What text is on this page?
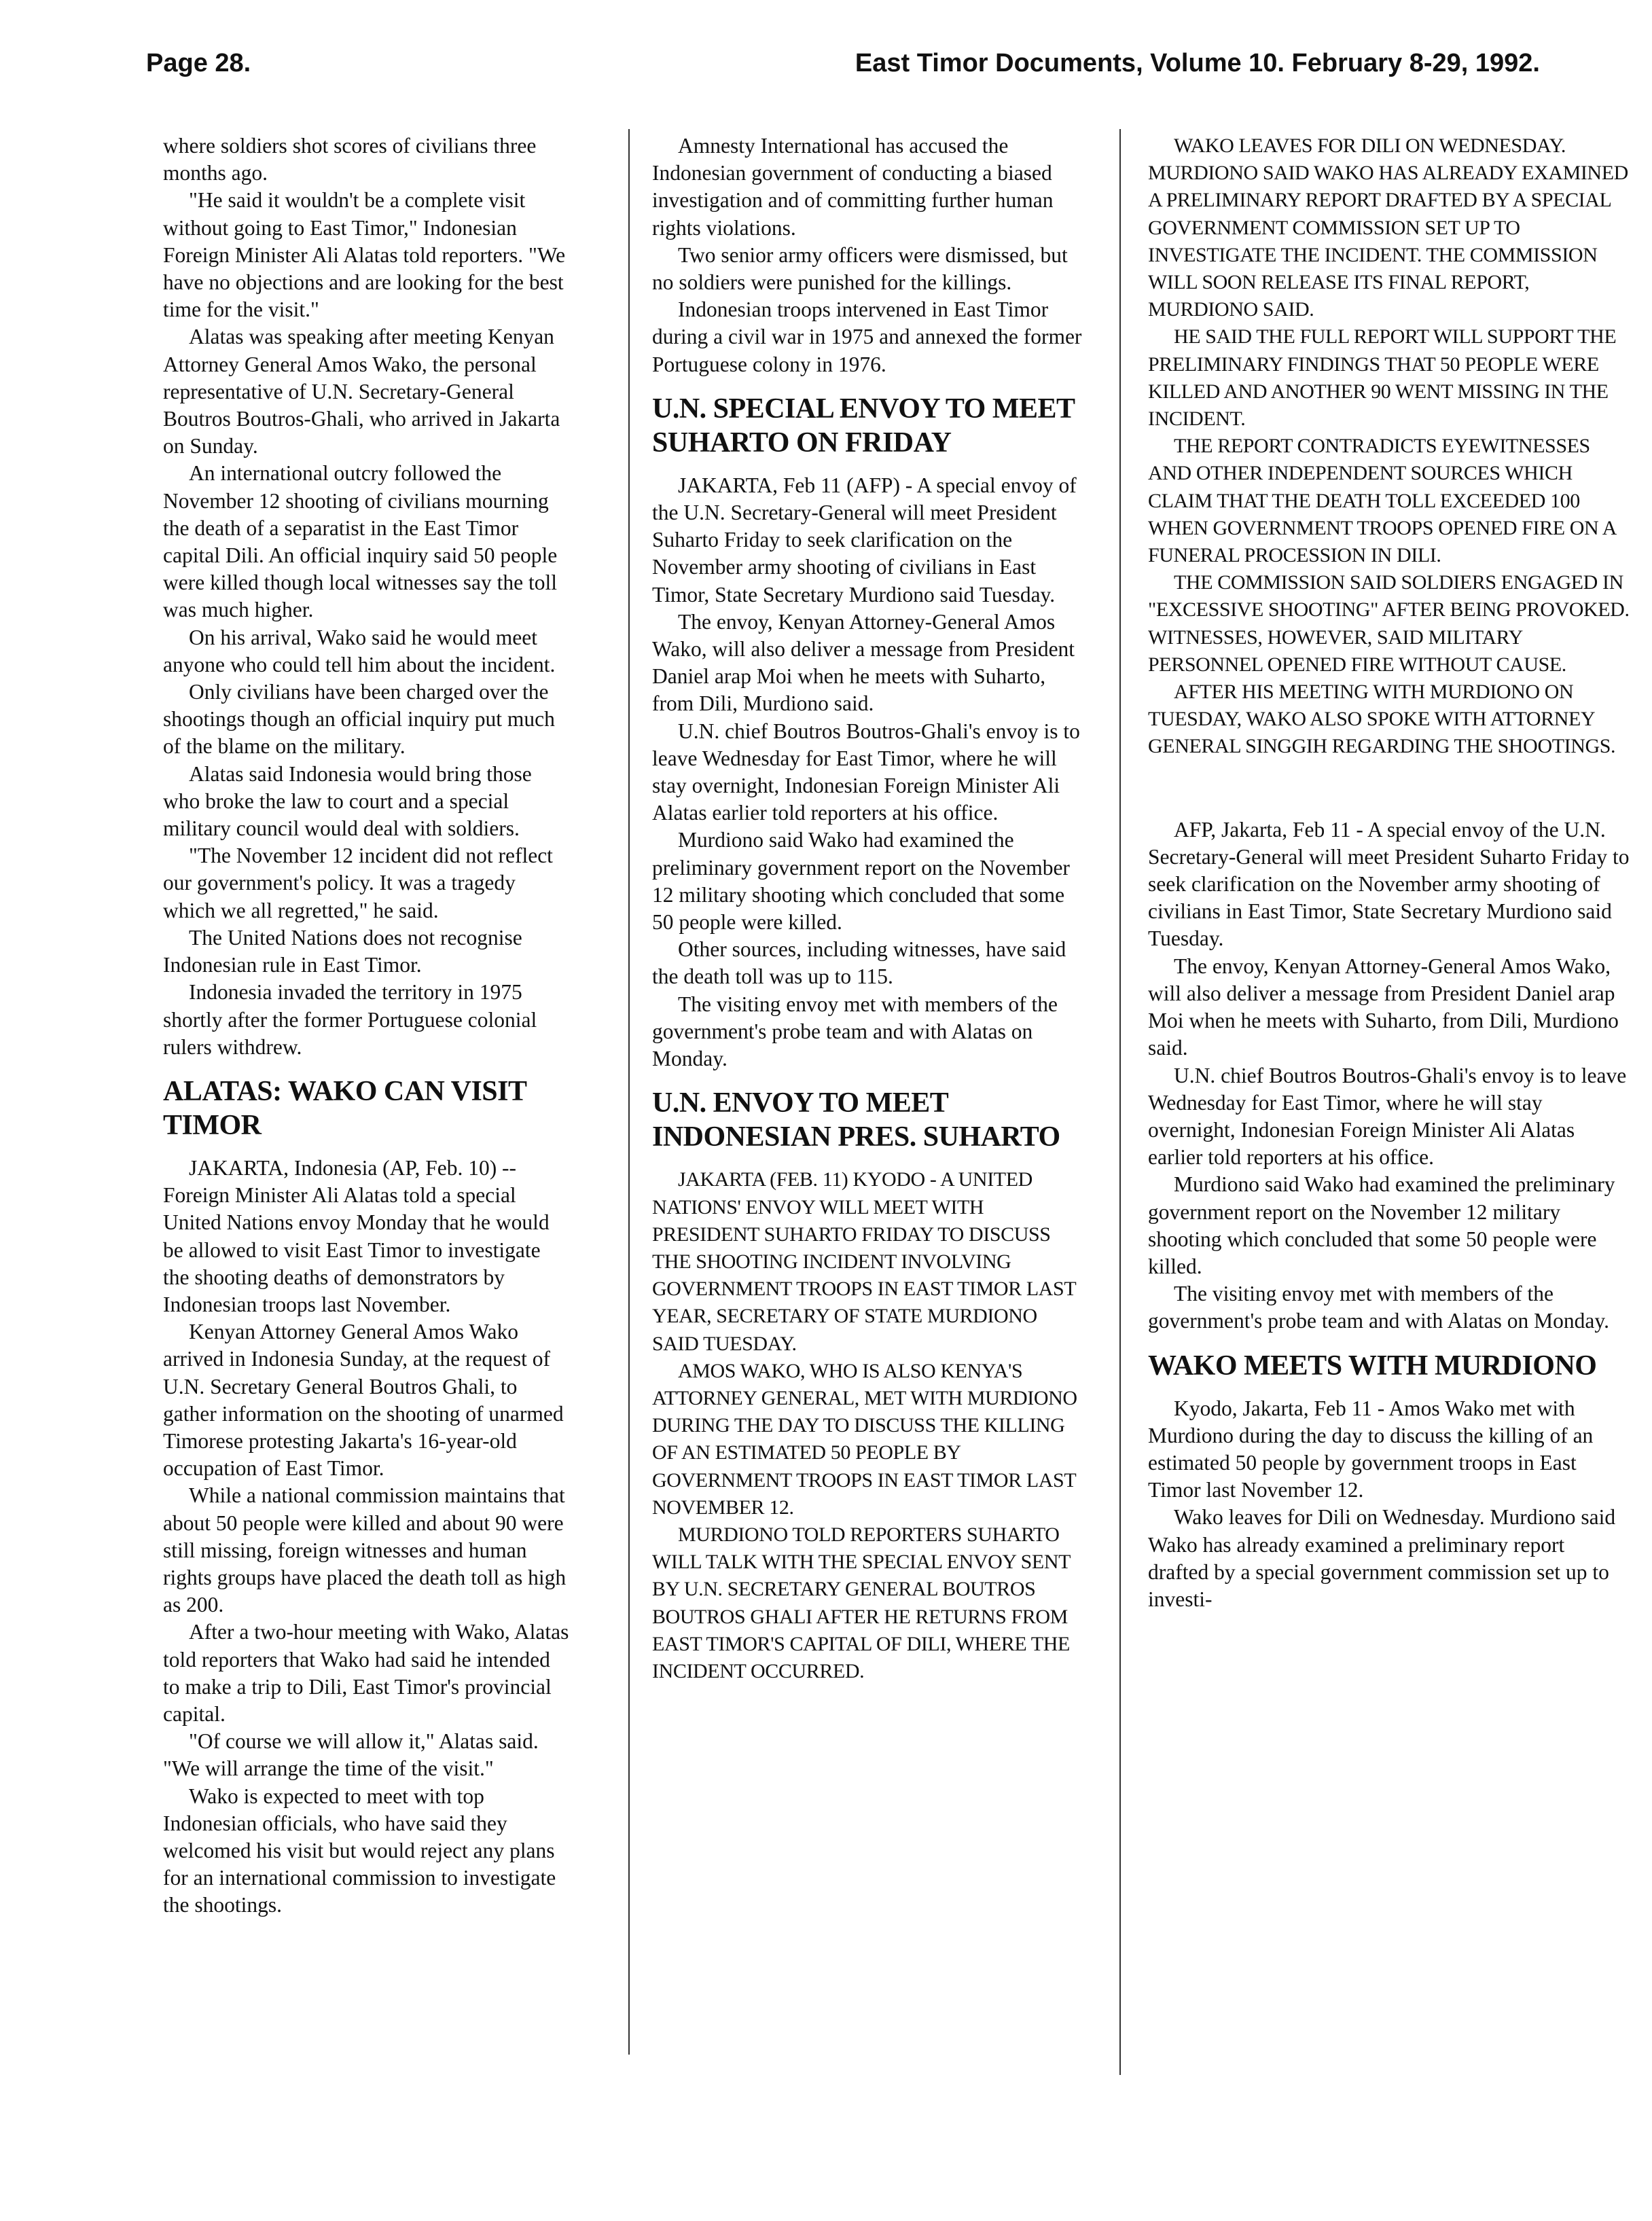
Page 28.	East Timor Documents, Volume 10. February 8-29, 1992.

where soldiers shot scores of civilians three months ago.

"He said it wouldn't be a complete visit without going to East Timor," Indonesian Foreign Minister Ali Alatas told reporters. "We have no objections and are looking for the best time for the visit."

Alatas was speaking after meeting Kenyan Attorney General Amos Wako, the personal representative of U.N. Secretary-General Boutros Boutros-Ghali, who arrived in Jakarta on Sunday.

An international outcry followed the November 12 shooting of civilians mourning the death of a separatist in the East Timor capital Dili. An official inquiry said 50 people were killed though local witnesses say the toll was much higher.

On his arrival, Wako said he would meet anyone who could tell him about the incident.

Only civilians have been charged over the shootings though an official inquiry put much of the blame on the military.

Alatas said Indonesia would bring those who broke the law to court and a special military council would deal with soldiers.

"The November 12 incident did not reflect our government's policy. It was a tragedy which we all regretted," he said.

The United Nations does not recognise Indonesian rule in East Timor.

Indonesia invaded the territory in 1975 shortly after the former Portuguese colonial rulers withdrew.

ALATAS: WAKO CAN VISIT TIMOR

JAKARTA, Indonesia (AP, Feb. 10) -- Foreign Minister Ali Alatas told a special United Nations envoy Monday that he would be allowed to visit East Timor to investigate the shooting deaths of demonstrators by Indonesian troops last November.

Kenyan Attorney General Amos Wako arrived in Indonesia Sunday, at the request of U.N. Secretary General Boutros Ghali, to gather information on the shooting of unarmed Timorese protesting Jakarta's 16-year-old occupation of East Timor.

While a national commission maintains that about 50 people were killed and about 90 were still missing, foreign witnesses and human rights groups have placed the death toll as high as 200.

After a two-hour meeting with Wako, Alatas told reporters that Wako had said he intended to make a trip to Dili, East Timor's provincial capital.

"Of course we will allow it," Alatas said. "We will arrange the time of the visit."

Wako is expected to meet with top Indonesian officials, who have said they welcomed his visit but would reject any plans for an international commission to investigate the shootings.

Amnesty International has accused the Indonesian government of conducting a biased investigation and of committing further human rights violations.

Two senior army officers were dismissed, but no soldiers were punished for the killings.

Indonesian troops intervened in East Timor during a civil war in 1975 and annexed the former Portuguese colony in 1976.

U.N. SPECIAL ENVOY TO MEET SUHARTO ON FRIDAY

JAKARTA, Feb 11 (AFP) - A special envoy of the U.N. Secretary-General will meet President Suharto Friday to seek clarification on the November army shooting of civilians in East Timor, State Secretary Murdiono said Tuesday.

The envoy, Kenyan Attorney-General Amos Wako, will also deliver a message from President Daniel arap Moi when he meets with Suharto, from Dili, Murdiono said.

U.N. chief Boutros Boutros-Ghali's envoy is to leave Wednesday for East Timor, where he will stay overnight, Indonesian Foreign Minister Ali Alatas earlier told reporters at his office.

Murdiono said Wako had examined the preliminary government report on the November 12 military shooting which concluded that some 50 people were killed.

Other sources, including witnesses, have said the death toll was up to 115.

The visiting envoy met with members of the government's probe team and with Alatas on Monday.

U.N. ENVOY TO MEET INDONESIAN PRES. SUHARTO

JAKARTA (FEB. 11) KYODO - A UNITED NATIONS' ENVOY WILL MEET WITH PRESIDENT SUHARTO FRIDAY TO DISCUSS THE SHOOTING INCIDENT INVOLVING GOVERNMENT TROOPS IN EAST TIMOR LAST YEAR, SECRETARY OF STATE MURDIONO SAID TUESDAY.

AMOS WAKO, WHO IS ALSO KENYA'S ATTORNEY GENERAL, MET WITH MURDIONO DURING THE DAY TO DISCUSS THE KILLING OF AN ESTIMATED 50 PEOPLE BY GOVERNMENT TROOPS IN EAST TIMOR LAST NOVEMBER 12.

MURDIONO TOLD REPORTERS SUHARTO WILL TALK WITH THE SPECIAL ENVOY SENT BY U.N. SECRETARY GENERAL BOUTROS BOUTROS GHALI AFTER HE RETURNS FROM EAST TIMOR'S CAPITAL OF DILI, WHERE THE INCIDENT OCCURRED.

WAKO LEAVES FOR DILI ON WEDNESDAY. MURDIONO SAID WAKO HAS ALREADY EXAMINED A PRELIMINARY REPORT DRAFTED BY A SPECIAL GOVERNMENT COMMISSION SET UP TO INVESTIGATE THE INCIDENT. THE COMMISSION WILL SOON RELEASE ITS FINAL REPORT, MURDIONO SAID.

HE SAID THE FULL REPORT WILL SUPPORT THE PRELIMINARY FINDINGS THAT 50 PEOPLE WERE KILLED AND ANOTHER 90 WENT MISSING IN THE INCIDENT.

THE REPORT CONTRADICTS EYEWITNESSES AND OTHER INDEPENDENT SOURCES WHICH CLAIM THAT THE DEATH TOLL EXCEEDED 100 WHEN GOVERNMENT TROOPS OPENED FIRE ON A FUNERAL PROCESSION IN DILI.

THE COMMISSION SAID SOLDIERS ENGAGED IN "EXCESSIVE SHOOTING" AFTER BEING PROVOKED. WITNESSES, HOWEVER, SAID MILITARY PERSONNEL OPENED FIRE WITHOUT CAUSE.

AFTER HIS MEETING WITH MURDIONO ON TUESDAY, WAKO ALSO SPOKE WITH ATTORNEY GENERAL SINGGIH REGARDING THE SHOOTINGS.

AFP, Jakarta, Feb 11 - A special envoy of the U.N. Secretary-General will meet President Suharto Friday to seek clarification on the November army shooting of civilians in East Timor, State Secretary Murdiono said Tuesday.

The envoy, Kenyan Attorney-General Amos Wako, will also deliver a message from President Daniel arap Moi when he meets with Suharto, from Dili, Murdiono said.

U.N. chief Boutros Boutros-Ghali's envoy is to leave Wednesday for East Timor, where he will stay overnight, Indonesian Foreign Minister Ali Alatas earlier told reporters at his office.

Murdiono said Wako had examined the preliminary government report on the November 12 military shooting which concluded that some 50 people were killed.

The visiting envoy met with members of the government's probe team and with Alatas on Monday.

WAKO MEETS WITH MURDIONO

Kyodo, Jakarta, Feb 11 - Amos Wako met with Murdiono during the day to discuss the killing of an estimated 50 people by government troops in East Timor last November 12.

Wako leaves for Dili on Wednesday. Murdiono said Wako has already examined a preliminary report drafted by a special government commission set up to investi-
